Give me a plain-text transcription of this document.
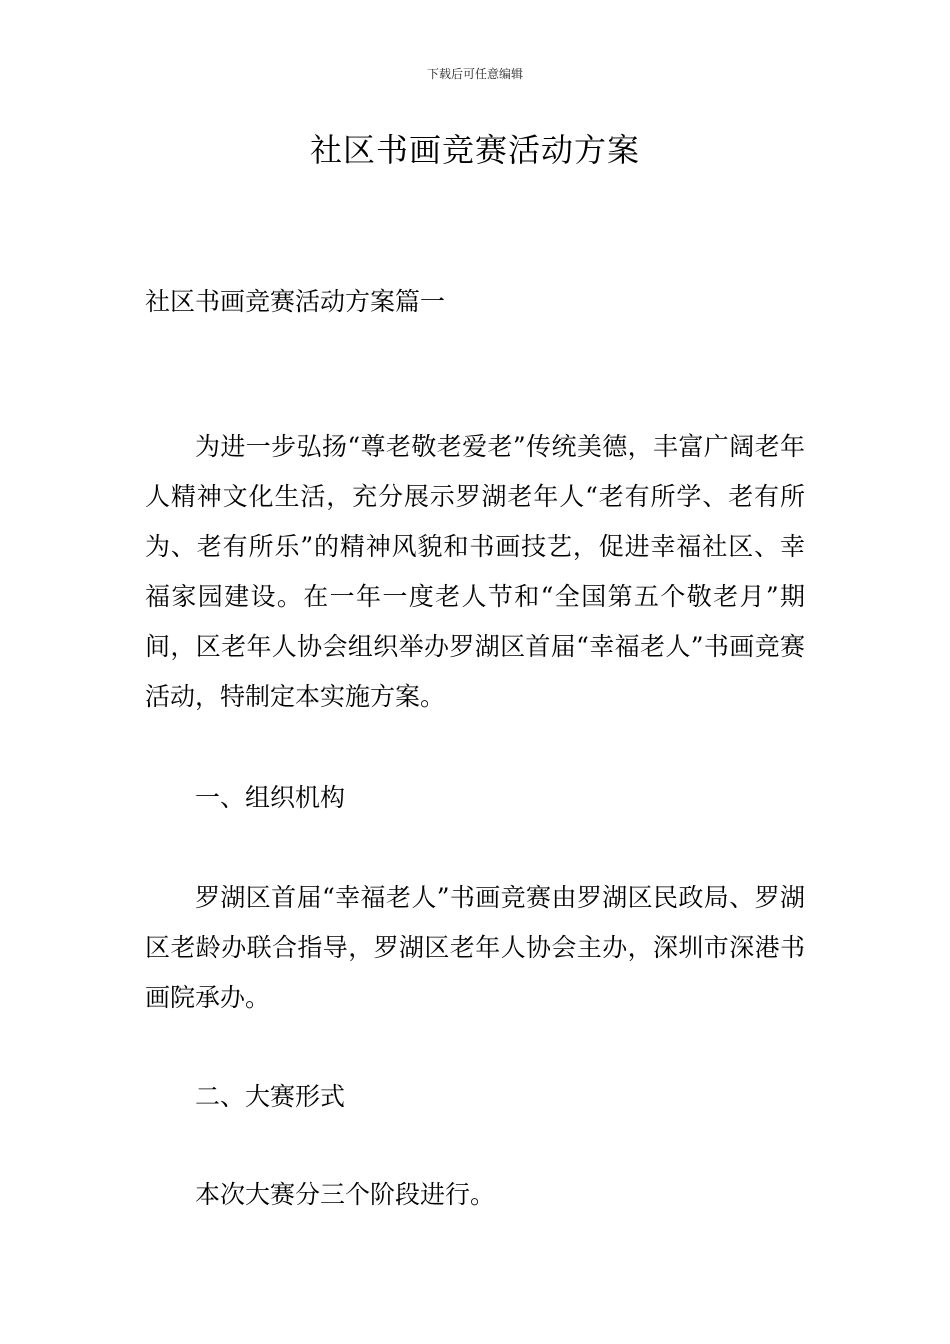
下载后可任意编辑
社区书画竞赛活动方案
社区书画竞赛活动方案篇一

为进一步弘扬“尊老敬老爱老”传统美德，丰富广阔老年人精神文化生活，充分展示罗湖老年人“老有所学、老有所为、老有所乐”的精神风貌和书画技艺，促进幸福社区、幸福家园建设。在一年一度老人节和“全国第五个敬老月”期间，区老年人协会组织举办罗湖区首届“幸福老人”书画竞赛活动，特制定本实施方案。

一、组织机构

罗湖区首届“幸福老人”书画竞赛由罗湖区民政局、罗湖区老龄办联合指导，罗湖区老年人协会主办，深圳市深港书画院承办。

二、大赛形式

本次大赛分三个阶段进行。
